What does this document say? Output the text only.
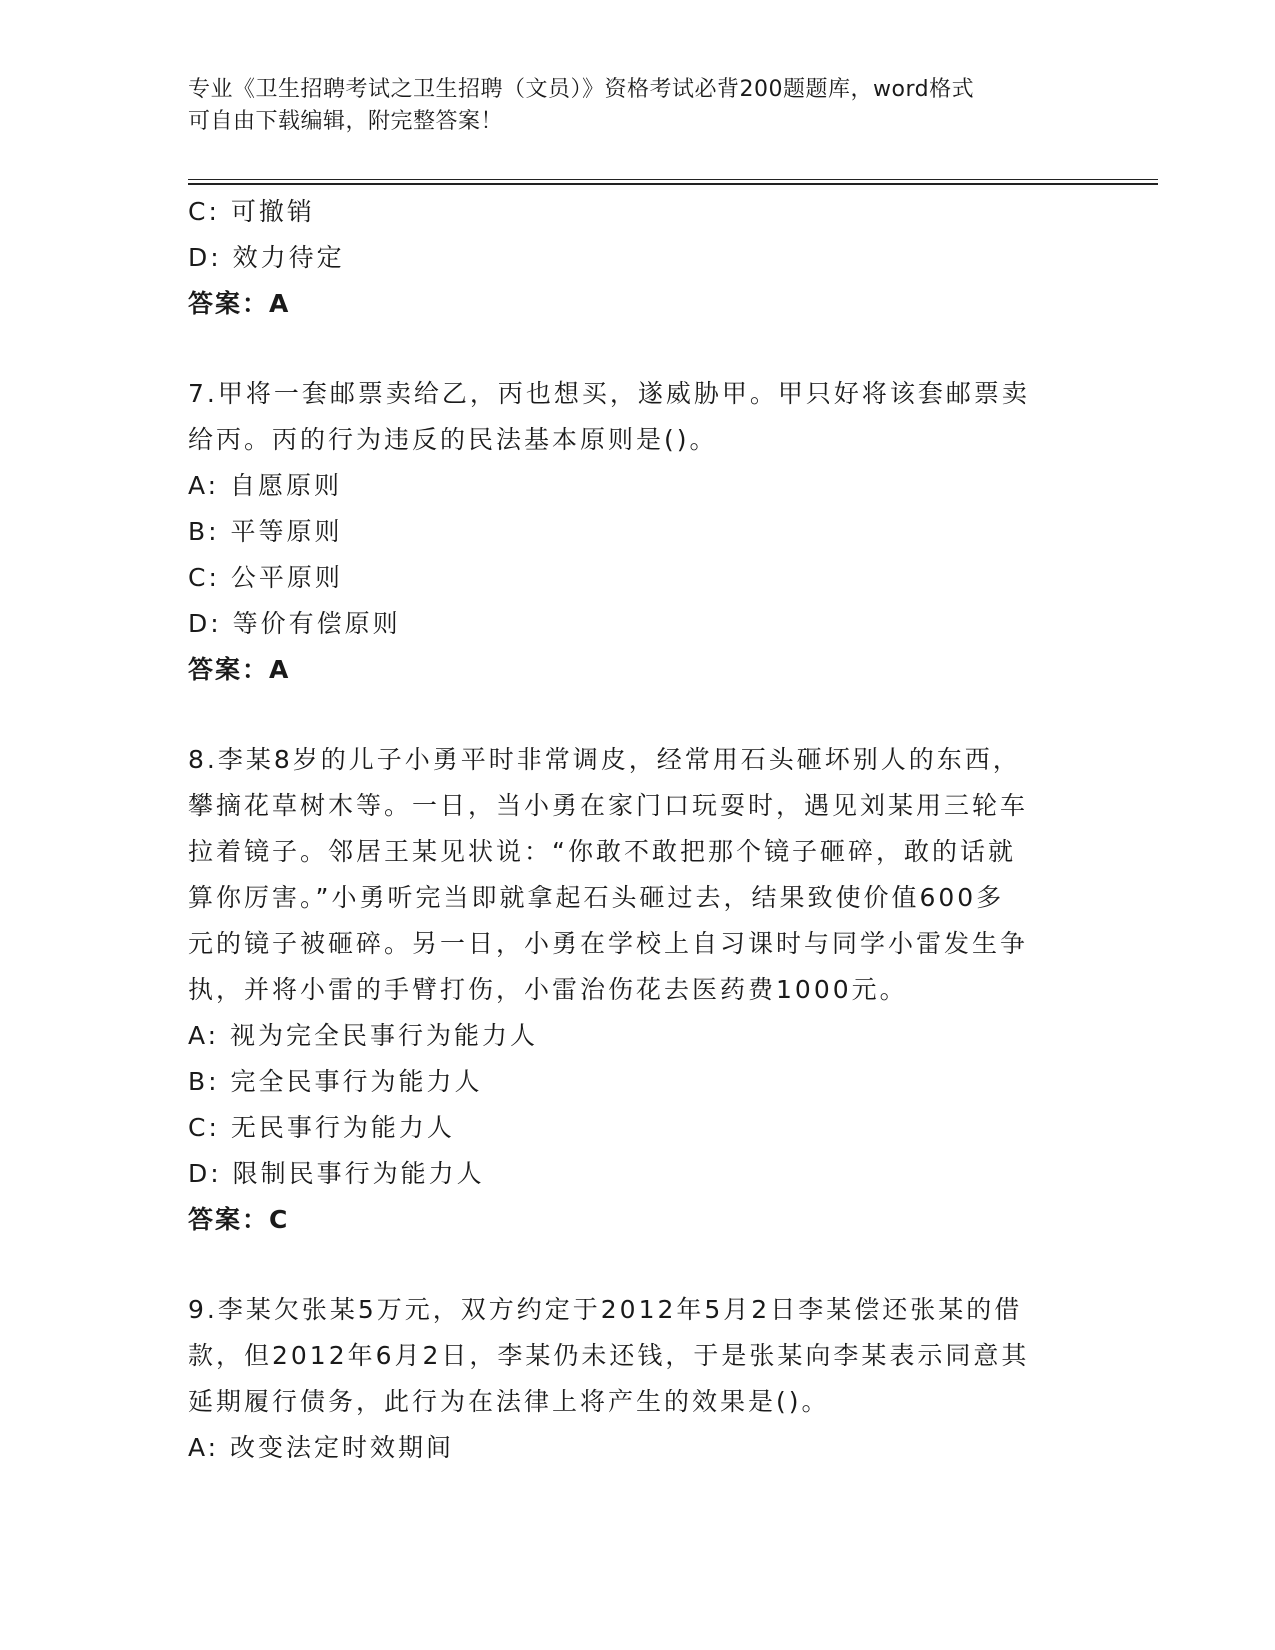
专业《卫生招聘考试之卫生招聘（文员）》资格考试必背200题题库，word格式
可自由下载编辑，附完整答案！
C: 可撤销
D: 效力待定
答案：A
7.甲将一套邮票卖给乙，丙也想买，遂威胁甲。甲只好将该套邮票卖
给丙。丙的行为违反的民法基本原则是()。
A: 自愿原则
B: 平等原则
C: 公平原则
D: 等价有偿原则
答案：A
8.李某8岁的儿子小勇平时非常调皮，经常用石头砸坏别人的东西，
攀摘花草树木等。一日，当小勇在家门口玩耍时，遇见刘某用三轮车
拉着镜子。邻居王某见状说：“你敢不敢把那个镜子砸碎，敢的话就
算你厉害。”小勇听完当即就拿起石头砸过去，结果致使价值600多
元的镜子被砸碎。另一日，小勇在学校上自习课时与同学小雷发生争
执，并将小雷的手臂打伤，小雷治伤花去医药费1000元。
A: 视为完全民事行为能力人
B: 完全民事行为能力人
C: 无民事行为能力人
D: 限制民事行为能力人
答案：C
9.李某欠张某5万元，双方约定于2012年5月2日李某偿还张某的借
款，但2012年6月2日，李某仍未还钱，于是张某向李某表示同意其
延期履行债务，此行为在法律上将产生的效果是()。
A: 改变法定时效期间
